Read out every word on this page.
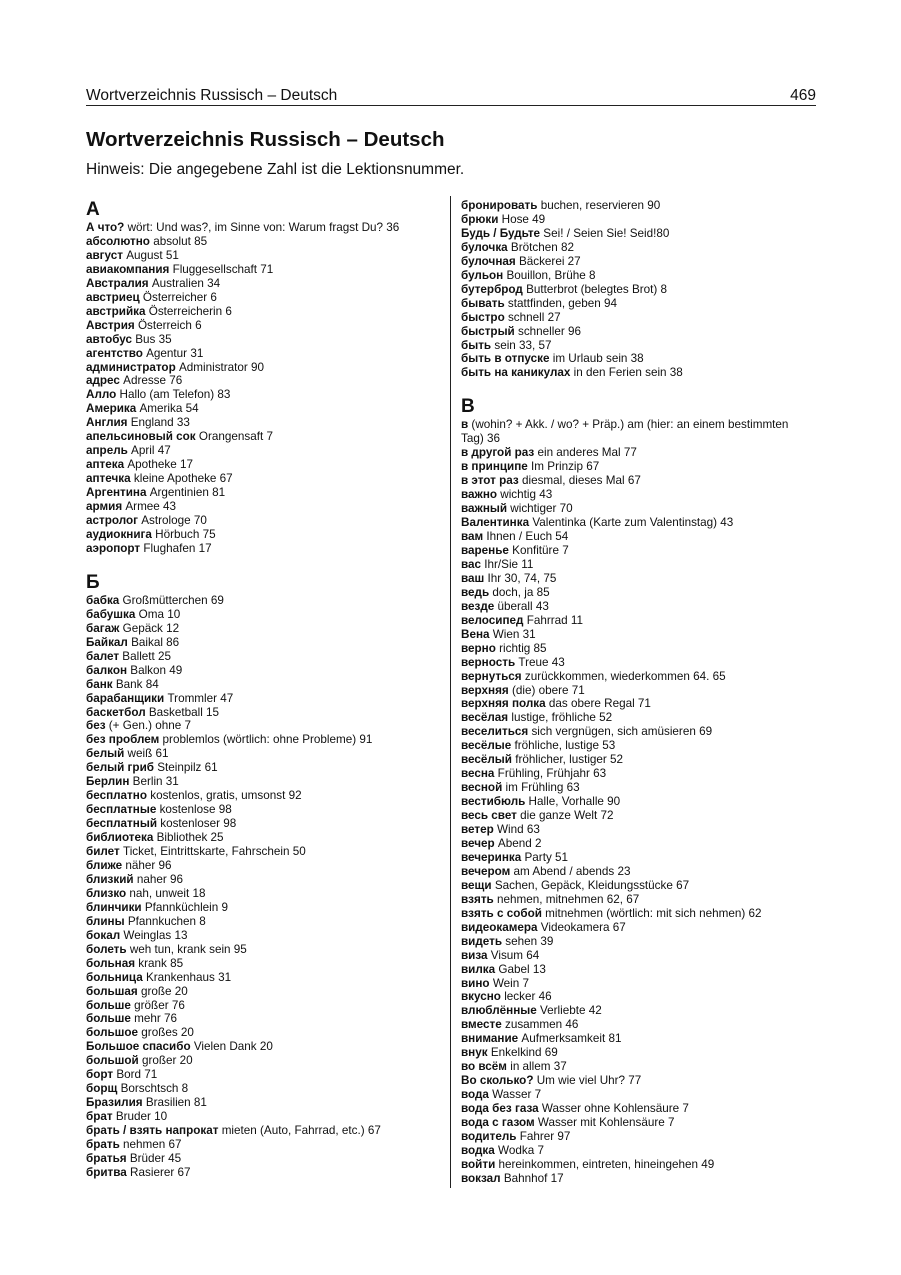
Wortverzeichnis Russisch – Deutsch	469
Wortverzeichnis Russisch – Deutsch

Hinweis: Die angegebene Zahl ist die Lektionsnummer.

А
А что? wört: Und was?, im Sinne von: Warum fragst Du? 36
абсолютно absolut 85
август August 51
авиакомпания Fluggesellschaft 71
Австралия Australien 34
австриец Österreicher 6
австрийка Österreicherin 6
Австрия Österreich 6
автобус Bus 35
агентство Agentur 31
администратор Administrator 90
адрес Adresse 76
Алло Hallo (am Telefon) 83
Америка Amerika 54
Англия England 33
апельсиновый сок Orangensaft 7
апрель April 47
аптека Apotheke 17
аптечка kleine Apotheke 67
Аргентина Argentinien 81
армия Armee 43
астролог Astrologe 70
аудиокнига Hörbuch 75
аэропорт Flughafen 17
Б
бабка Großmütterchen 69
бабушка Oma 10
багаж Gepäck 12
Байкал Baikal 86
балет Ballett 25
балкон Balkon 49
банк Bank 84
барабанщики Trommler 47
баскетбол Basketball 15
без (+ Gen.) ohne 7
без проблем problemlos (wörtlich: ohne Probleme) 91
белый weiß 61
белый гриб Steinpilz 61
Берлин Berlin 31
бесплатно kostenlos, gratis, umsonst 92
бесплатные kostenlose 98
бесплатный kostenloser 98
библиотека Bibliothek 25
билет Ticket, Eintrittskarte, Fahrschein 50
ближе näher 96
близкий naher 96
близко nah, unweit 18
блинчики Pfannküchlein 9
блины Pfannkuchen 8
бокал Weinglas 13
болеть weh tun, krank sein 95
больная krank 85
больница Krankenhaus 31
большая große 20
больше größer 76
больше mehr 76
большое großes 20
Большое спасибо Vielen Dank 20
большой großer 20
борт Bord 71
борщ Borschtsch 8
Бразилия Brasilien 81
брат Bruder 10
брать / взять напрокат mieten (Auto, Fahrrad, etc.) 67
брать nehmen 67
братья Brüder 45
бритва Rasierer 67
бронировать buchen, reservieren 90
брюки Hose 49
Будь / Будьте Sei! / Seien Sie! Seid!80
булочка Brötchen 82
булочная Bäckerei 27
бульон Bouillon, Brühe 8
бутерброд Butterbrot (belegtes Brot) 8
бывать stattfinden, geben 94
быстро schnell 27
быстрый schneller 96
быть sein 33, 57
быть в отпуске im Urlaub sein 38
быть на каникулах in den Ferien sein 38
В
в (wohin? + Akk. / wo? + Präp.) am (hier: an einem bestimmten Tag) 36
в другой раз ein anderes Mal 77
в принципе Im Prinzip 67
в этот раз diesmal, dieses Mal 67
важно wichtig 43
важный wichtiger 70
Валентинка Valentinka (Karte zum Valentinstag) 43
вам Ihnen / Euch 54
варенье Konfitüre 7
вас Ihr/Sie 11
ваш Ihr 30, 74, 75
ведь doch, ja 85
везде überall 43
велосипед Fahrrad 11
Вена Wien 31
верно richtig 85
верность Treue 43
вернуться zurückkommen, wiederkommen 64. 65
верхняя (die) obere 71
верхняя полка das obere Regal 71
весёлая lustige, fröhliche 52
веселиться sich vergnügen, sich amüsieren 69
весёлые fröhliche, lustige 53
весёлый fröhlicher, lustiger 52
весна Frühling, Frühjahr 63
весной im Frühling 63
вестибюль Halle, Vorhalle 90
весь свет die ganze Welt 72
ветер Wind 63
вечер Abend 2
вечеринка Party 51
вечером am Abend / abends 23
вещи Sachen, Gepäck, Kleidungsstücke 67
взять nehmen, mitnehmen 62, 67
взять с собой mitnehmen (wörtlich: mit sich nehmen) 62
видеокамера Videokamera 67
видеть sehen 39
виза Visum 64
вилка Gabel 13
вино Wein 7
вкусно lecker 46
влюблённые Verliebte 42
вместе zusammen 46
внимание Aufmerksamkeit 81
внук Enkelkind 69
во всём in allem 37
Во сколько? Um wie viel Uhr? 77
вода Wasser 7
вода без газа Wasser ohne Kohlensäure 7
вода с газом Wasser mit Kohlensäure 7
водитель Fahrer 97
водка Wodka 7
войти hereinkommen, eintreten, hineingehen 49
вокзал Bahnhof 17
